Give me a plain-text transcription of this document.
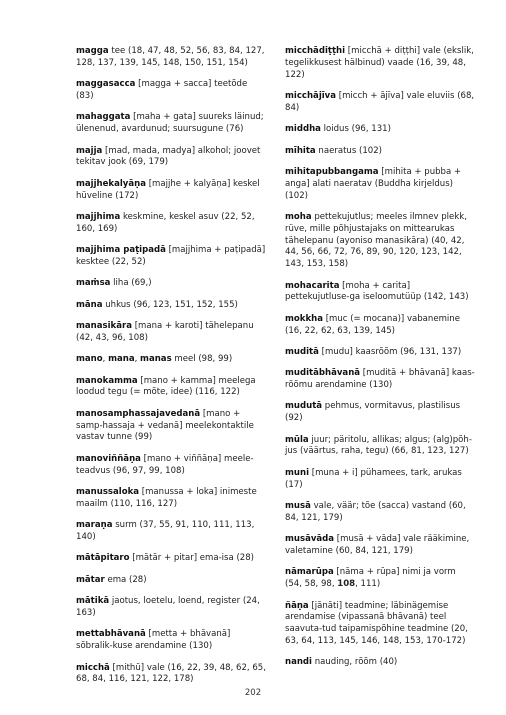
magga tee (18, 47, 48, 52, 56, 83, 84, 127, 128, 137, 139, 145, 148, 150, 151, 154)

maggasacca [magga + sacca] teetõde (83)

mahaggata [maha + gata] suureks läinud; ülenenud, avardunud; suursugune (76)

majja [mad, mada, madya] alkohol; joovet tekitav jook (69, 179)

majjhekalyāṇa [majjhe + kalyāṇa] keskel hüveline (172)

majjhima keskmine, keskel asuv (22, 52, 160, 169)

majjhima paṭipadā [majjhima + paṭipadā] kesktee (22, 52)

maṁsa liha (69,)

māna uhkus (96, 123, 151, 152, 155)

manasikāra [mana + karoti] tähelepanu (42, 43, 96, 108)

mano, mana, manas meel (98, 99)

manokamma [mano + kamma] meelega loodud tegu (= mõte, idee) (116, 122)

manosamphassajavedanā [mano + samp-hassaja + vedanā] meelekontaktile vastav tunne (99)

manoviññāṇa [mano + viññāṇa] meele-teadvus (96, 97, 99, 108)

manussaloka [manussa + loka] inimeste maailm (110, 116, 127)

maraṇa surm (37, 55, 91, 110, 111, 113, 140)

mātāpitaro [mātār + pitar] ema-isa (28)

mātar ema (28)

mātikā jaotus, loetelu, loend, register (24, 163)

mettabhāvanā [metta + bhāvanā] sõbralik-kuse arendamine (130)

micchā [mithū] vale (16, 22, 39, 48, 62, 65, 68, 84, 116, 121, 122, 178)

micchādiṭṭhi [micchā + diṭṭhi] vale (ekslik, tegelikkusest hälbinud) vaade (16, 39, 48, 122)

micchājīva [micch + ājīva] vale eluviis (68, 84)

middha loidus (96, 131)

mīhita naeratus (102)

mihitapubbangama [mihita + pubba + anga] alati naeratav (Buddha kirjeldus) (102)

moha pettekujutlus; meeles ilmnev plekk, rüve, mille põhjustajaks on mittearukas tähelepanu (ayoniso manasikāra) (40, 42, 44, 56, 66, 72, 76, 89, 90, 120, 123, 142, 143, 153, 158)

mohacarita [moha + carita] pettekujutluse-ga iseloomutüüp (142, 143)

mokkha [muc (= mocana)] vabanemine (16, 22, 62, 63, 139, 145)

muditā [mudu] kaasrõõm (96, 131, 137)

muditābhāvanā [muditā + bhāvanā] kaas-rõõmu arendamine (130)

mudutā pehmus, vormitavus, plastilisus (92)

mūla juur; päritolu, allikas; algus; (alg)põh-jus (väärtus, raha, tegu) (66, 81, 123, 127)

muni [muna + i] pühamees, tark, arukas (17)

musā vale, väär; tõe (sacca) vastand (60, 84, 121, 179)

musāvāda [musā + vāda] vale rääkimine, valetamine (60, 84, 121, 179)

nāmarūpa [nāma + rūpa] nimi ja vorm (54, 58, 98, 108, 111)

ñāṇa [jānāti] teadmine; läbinägemise arendamise (vipassanā bhāvanā) teel saavuta-tud taipamispõhine teadmine (20, 63, 64, 113, 145, 146, 148, 153, 170-172)

nandi nauding, rõõm (40)

202
